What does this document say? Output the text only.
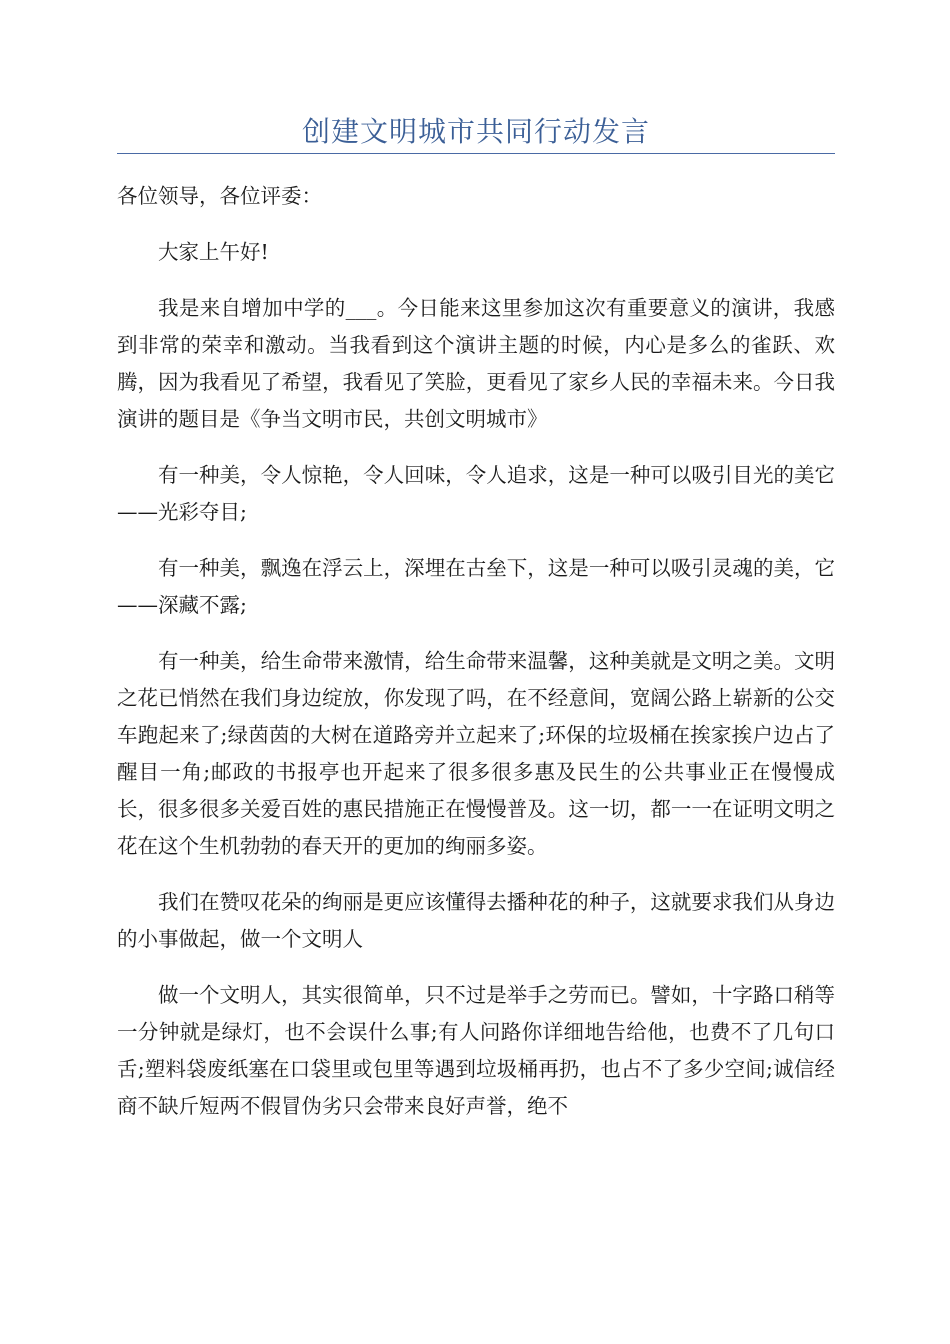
创建文明城市共同行动发言

各位领导，各位评委：

大家上午好!

我是来自增加中学的___。今日能来这里参加这次有重要意义的演讲，我感到非常的荣幸和激动。当我看到这个演讲主题的时候，内心是多么的雀跃、欢腾，因为我看见了希望，我看见了笑脸，更看见了家乡人民的幸福未来。今日我演讲的题目是《争当文明市民，共创文明城市》

有一种美，令人惊艳，令人回味，令人追求，这是一种可以吸引目光的美它——光彩夺目;

有一种美，飘逸在浮云上，深埋在古垒下，这是一种可以吸引灵魂的美，它——深藏不露;

有一种美，给生命带来激情，给生命带来温馨，这种美就是文明之美。文明之花已悄然在我们身边绽放，你发现了吗，在不经意间，宽阔公路上崭新的公交车跑起来了;绿茵茵的大树在道路旁并立起来了;环保的垃圾桶在挨家挨户边占了醒目一角;邮政的书报亭也开起来了很多很多惠及民生的公共事业正在慢慢成长，很多很多关爱百姓的惠民措施正在慢慢普及。这一切，都一一在证明文明之花在这个生机勃勃的春天开的更加的绚丽多姿。

我们在赞叹花朵的绚丽是更应该懂得去播种花的种子，这就要求我们从身边的小事做起，做一个文明人

做一个文明人，其实很简单，只不过是举手之劳而已。譬如，十字路口稍等一分钟就是绿灯，也不会误什么事;有人问路你详细地告给他，也费不了几句口舌;塑料袋废纸塞在口袋里或包里等遇到垃圾桶再扔，也占不了多少空间;诚信经商不缺斤短两不假冒伪劣只会带来良好声誉，绝不
